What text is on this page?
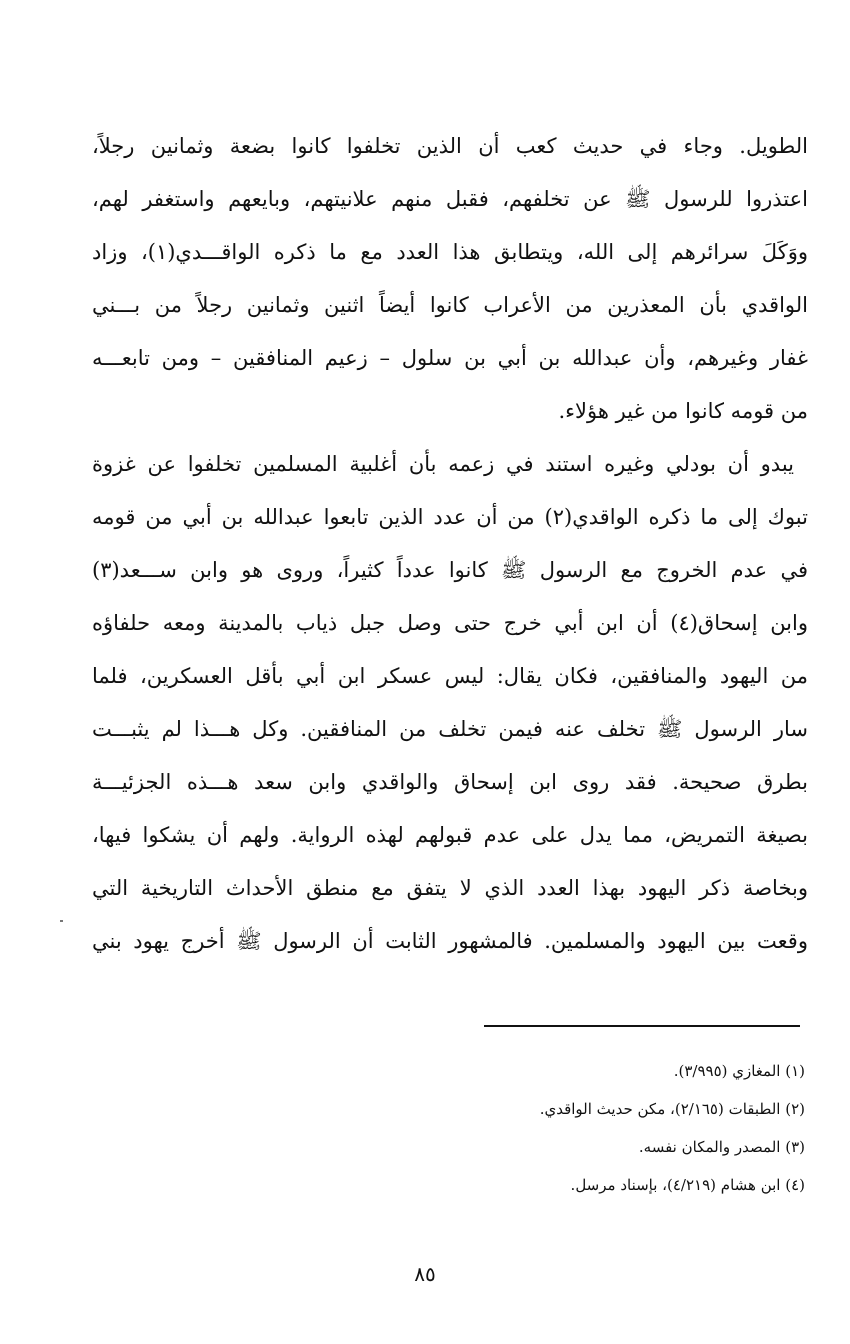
الطويل. وجاء في حديث كعب أن الذين تخلفوا كانوا بضعة وثمانين رجلاً،
اعتذروا للرسول ﷺ عن تخلفهم، فقبل منهم علانيتهم، وبايعهم واستغفر لهم،
ووَكَلَ سرائرهم إلى الله، ويتطابق هذا العدد مع ما ذكره الواقـــدي(١)، وزاد
الواقدي بأن المعذرين من الأعراب كانوا أيضاً اثنين وثمانين رجلاً من بـــني
غفار وغيرهم، وأن عبدالله بن أبي بن سلول – زعيم المنافقين – ومن تابعـــه
من قومه كانوا من غير هؤلاء.
يبدو أن بودلي وغيره استند في زعمه بأن أغلبية المسلمين تخلفوا عن غزوة
تبوك إلى ما ذكره الواقدي(٢) من أن عدد الذين تابعوا عبدالله بن أبي من قومه
في عدم الخروج مع الرسول ﷺ كانوا عدداً كثيراً، وروى هو وابن ســـعد(٣)
وابن إسحاق(٤) أن ابن أبي خرج حتى وصل جبل ذياب بالمدينة ومعه حلفاؤه
من اليهود والمنافقين، فكان يقال: ليس عسكر ابن أبي بأقل العسكرين، فلما
سار الرسول ﷺ تخلف عنه فيمن تخلف من المنافقين. وكل هـــذا لم يثبـــت
بطرق صحيحة. فقد روى ابن إسحاق والواقدي وابن سعد هـــذه الجزئيـــة
بصيغة التمريض، مما يدل على عدم قبولهم لهذه الرواية. ولهم أن يشكوا فيها،
وبخاصة ذكر اليهود بهذا العدد الذي لا يتفق مع منطق الأحداث التاريخية التي
وقعت بين اليهود والمسلمين. فالمشهور الثابت أن الرسول ﷺ أخرج يهود بني
(١) المغازي (٣/٩٩٥).
(٢) الطبقات (٢/١٦٥)، مكن حديث الواقدي.
(٣) المصدر والمكان نفسه.
(٤) ابن هشام (٤/٢١٩)، بإسناد مرسل.
٨٥
